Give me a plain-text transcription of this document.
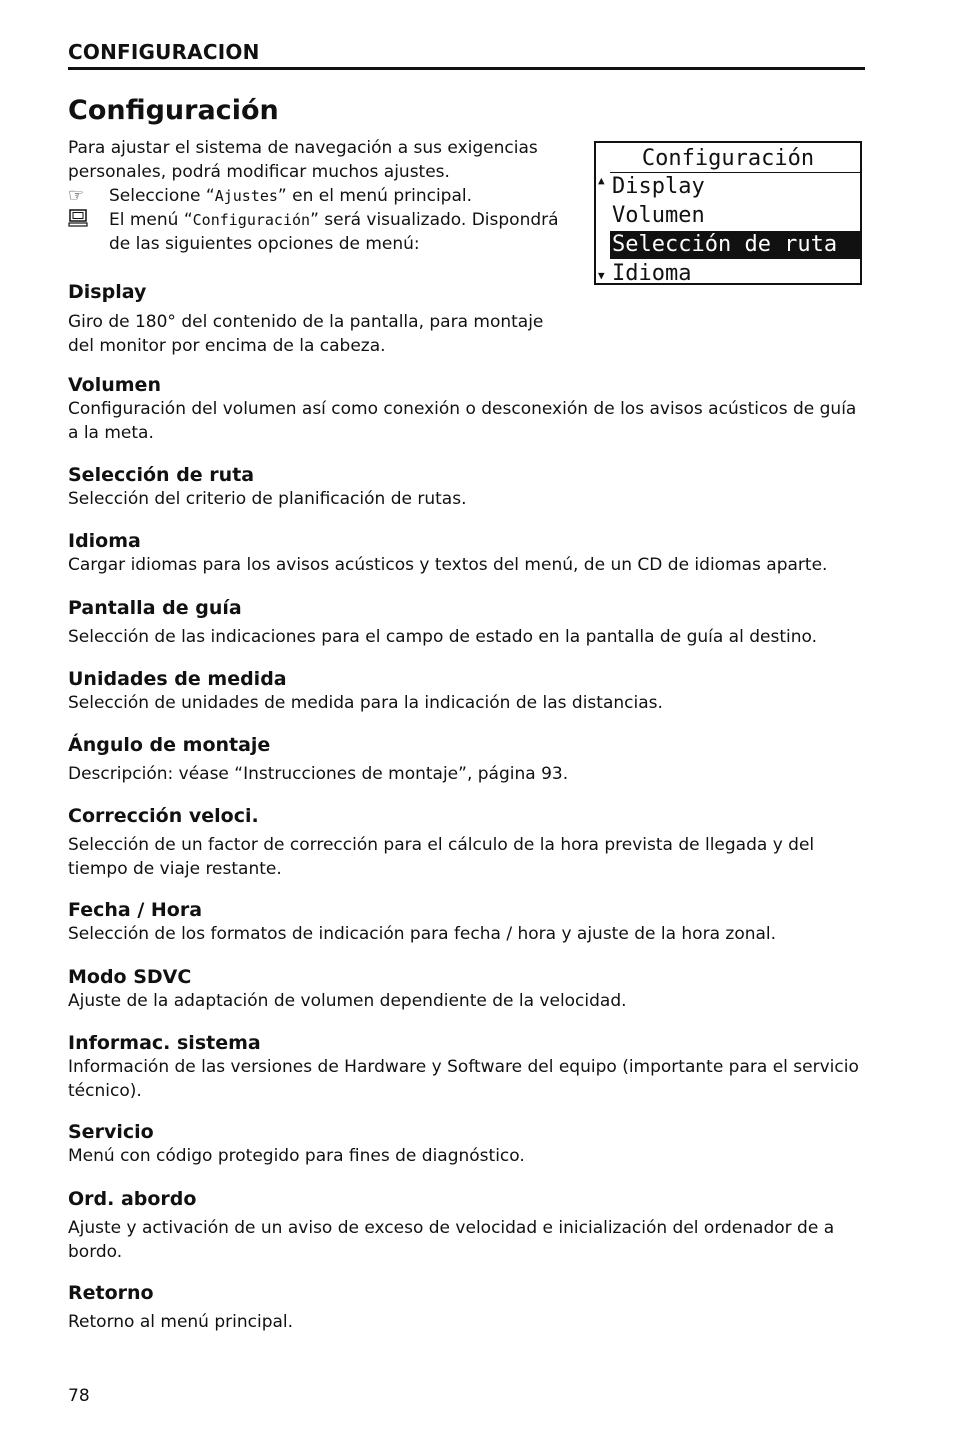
CONFIGURACION
Configuración

Para ajustar el sistema de navegación a sus exigencias personales, podrá modificar muchos ajustes.

☞	Seleccione “Ajustes” en el menú principal.
El menú “Configuración” será visualizado. Dispondrá de las siguientes opciones de menú:
Configuración
▲ Display
Volumen
Selección de ruta
Idioma
▼
Display

Giro de 180° del contenido de la pantalla, para montaje del monitor por encima de la cabeza.

Volumen

Configuración del volumen así como conexión o desconexión de los avisos acústicos de guía a la meta.

Selección de ruta

Selección del criterio de planificación de rutas.

Idioma

Cargar idiomas para los avisos acústicos y textos del menú, de un CD de idiomas aparte.

Pantalla de guía

Selección de las indicaciones para el campo de estado en la pantalla de guía al destino.

Unidades de medida

Selección de unidades de medida para la indicación de las distancias.

Ángulo de montaje

Descripción: véase “Instrucciones de montaje”, página 93.

Corrección veloci.

Selección de un factor de corrección para el cálculo de la hora prevista de llegada y del tiempo de viaje restante.

Fecha / Hora

Selección de los formatos de indicación para fecha / hora y ajuste de la hora zonal.

Modo SDVC

Ajuste de la adaptación de volumen dependiente de la velocidad.

Informac. sistema

Información de las versiones de Hardware y Software del equipo (importante para el servicio técnico).

Servicio

Menú con código protegido para fines de diagnóstico.

Ord. abordo

Ajuste y activación de un aviso de exceso de velocidad e inicialización del ordenador de a bordo.

Retorno

Retorno al menú principal.

78
